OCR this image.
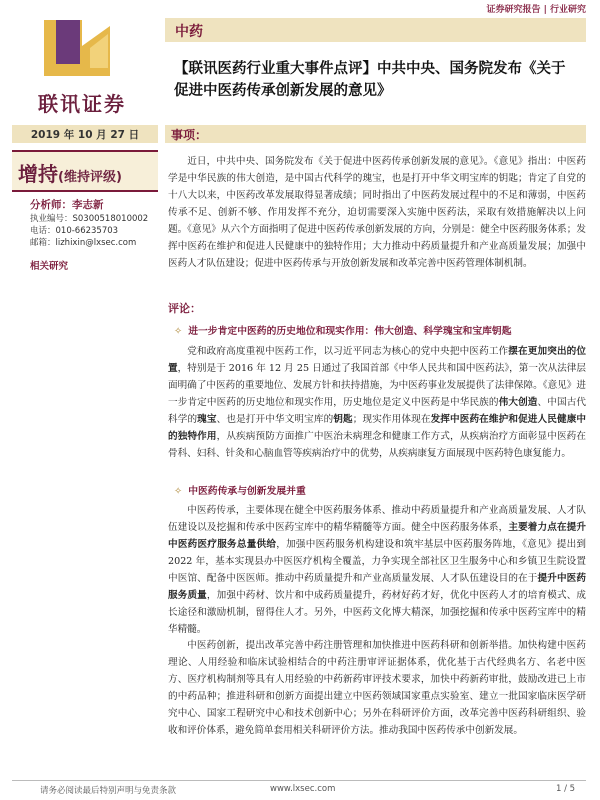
证券研究报告 | 行业研究
联讯证券
中药
【联讯医药行业重大事件点评】中共中央、国务院发布《关于
促进中医药传承创新发展的意见》
2019 年 10 月 27 日	事项：
增持(维持评级)
分析师：李志新
执业编号：S0300518010002
电话：010-66235703
邮箱：lizhixin@lxsec.com
相关研究
近日，中共中央、国务院发布《关于促进中医药传承创新发展的意见》。《意见》指出：中医药学是中华民族的伟大创造，是中国古代科学的瑰宝，也是打开中华文明宝库的钥匙；肯定了自党的十八大以来，中医药改革发展取得显著成绩；同时指出了中医药发展过程中的不足和薄弱，中医药传承不足、创新不够、作用发挥不充分，迫切需要深入实施中医药法，采取有效措施解决以上问题。《意见》从六个方面指明了促进中医药传承创新发展的方向，分别是：健全中医药服务体系；发挥中医药在维护和促进人民健康中的独特作用；大力推动中药质量提升和产业高质量发展；加强中医药人才队伍建设；促进中医药传承与开放创新发展和改革完善中医药管理体制机制。
评论：
✧ 进一步肯定中医药的历史地位和现实作用：伟大创造、科学瑰宝和宝库钥匙
党和政府高度重视中医药工作，以习近平同志为核心的党中央把中医药工作摆在更加突出的位置，特别是于 2016 年 12 月 25 日通过了我国首部《中华人民共和国中医药法》，第一次从法律层面明确了中医药的重要地位、发展方针和扶持措施，为中医药事业发展提供了法律保障。《意见》进一步肯定中医药的历史地位和现实作用，历史地位是定义中医药是中华民族的伟大创造、中国古代科学的瑰宝、也是打开中华文明宝库的钥匙；现实作用体现在发挥中医药在维护和促进人民健康中的独特作用，从疾病预防方面推广中医治未病理念和健康工作方式，从疾病治疗方面彰显中医药在骨科、妇科、针灸和心脑血管等疾病治疗中的优势，从疾病康复方面展现中医药特色康复能力。
✧ 中医药传承与创新发展并重
中医药传承，主要体现在健全中医药服务体系、推动中药质量提升和产业高质量发展、人才队伍建设以及挖掘和传承中医药宝库中的精华精髓等方面。健全中医药服务体系，主要着力点在提升中医药医疗服务总量供给，加强中医药服务机构建设和筑牢基层中医药服务阵地，《意见》提出到 2022 年，基本实现县办中医医疗机构全覆盖，力争实现全部社区卫生服务中心和乡镇卫生院设置中医馆、配备中医医师。推动中药质量提升和产业高质量发展、人才队伍建设目的在于提升中医药服务质量，加强中药材、饮片和中成药质量提升，药材好药才好，优化中医药人才的培育模式、成长途径和激励机制，留得住人才。另外，中医药文化博大精深，加强挖掘和传承中医药宝库中的精华精髓。
中医药创新，提出改革完善中药注册管理和加快推进中医药科研和创新举措。加快构建中医药理论、人用经验和临床试验相结合的中药注册审评证据体系，优化基于古代经典名方、名老中医方、医疗机构制剂等具有人用经验的中药新药审评技术要求，加快中药新药审批，鼓励改进已上市的中药品种；推进科研和创新方面提出建立中医药领域国家重点实验室、建立一批国家临床医学研究中心、国家工程研究中心和技术创新中心；另外在科研评价方面，改革完善中医药科研组织、验收和评价体系，避免简单套用相关科研评价方法。推动我国中医药传承中创新发展。
请务必阅读最后特别声明与免责条款	www.lxsec.com	1 / 5
